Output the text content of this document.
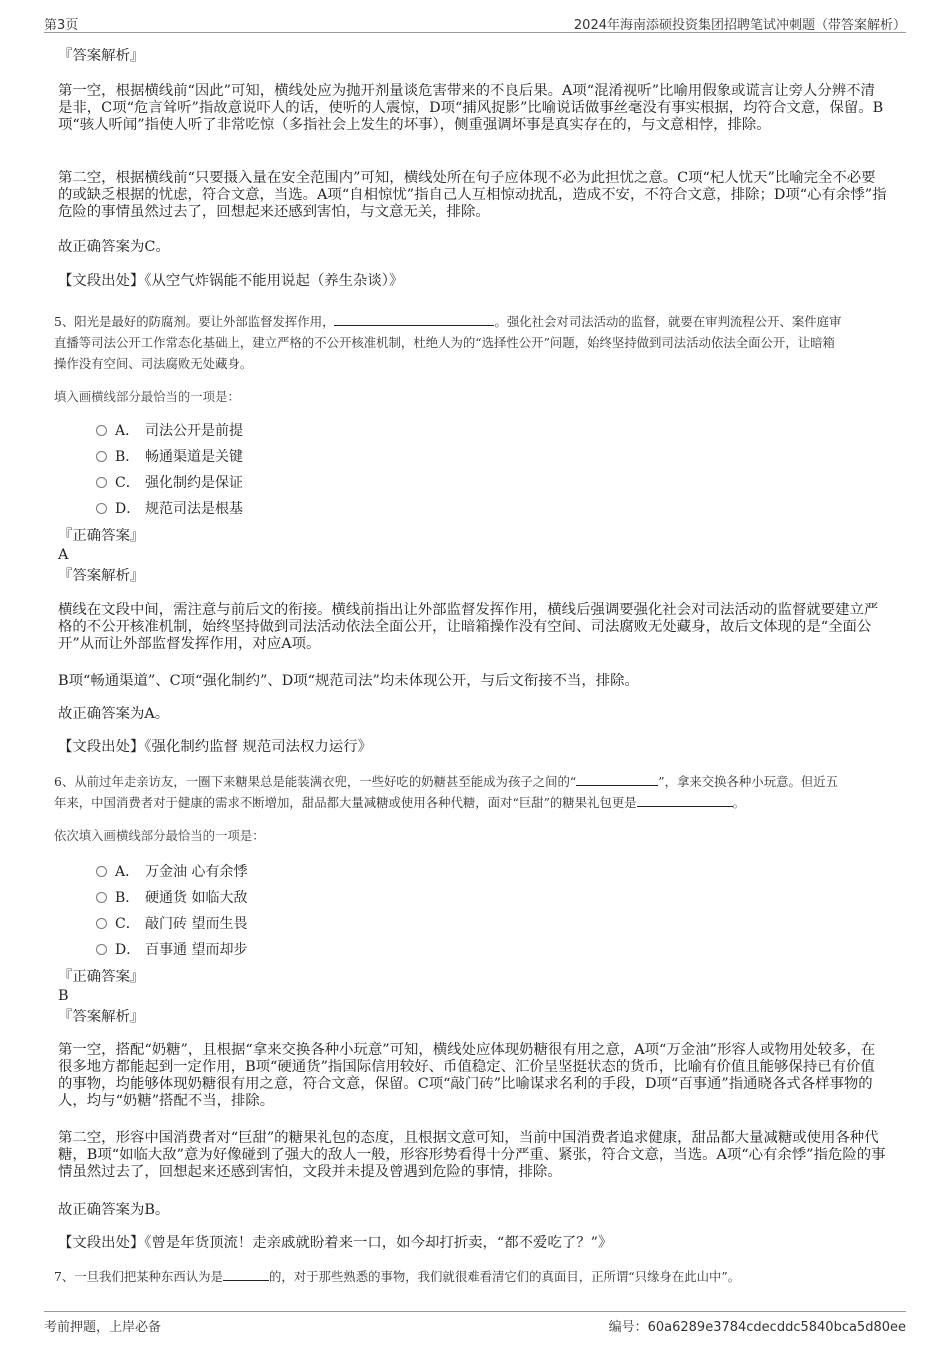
第3页	2024年海南添硕投资集团招聘笔试冲刺题（带答案解析）
『答案解析』
第一空，根据横线前“因此”可知，横线处应为抛开剂量谈危害带来的不良后果。A项“混淆视听”比喻用假象或谎言让旁人分辨不清是非，C项“危言耸听”指故意说吓人的话，使听的人震惊，D项“捕风捉影”比喻说话做事丝毫没有事实根据，均符合文意，保留。B项“骇人听闻”指使人听了非常吃惊（多指社会上发生的坏事），侧重强调坏事是真实存在的，与文意相悖，排除。
第二空，根据横线前“只要摄入量在安全范围内”可知，横线处所在句子应体现不必为此担忧之意。C项“杞人忧天”比喻完全不必要的或缺乏根据的忧虑，符合文意，当选。A项“自相惊忧”指自己人互相惊动扰乱，造成不安，不符合文意，排除；D项“心有余悸”指危险的事情虽然过去了，回想起来还感到害怕，与文意无关，排除。
故正确答案为C。
【文段出处】《从空气炸锅能不能用说起（养生杂谈）》
5、阳光是最好的防腐剂。要让外部监督发挥作用，	。强化社会对司法活动的监督，就要在审判流程公开、案件庭审
直播等司法公开工作常态化基础上，建立严格的不公开核准机制，杜绝人为的“选择性公开”问题，始终坚持做到司法活动依法全面公开，让暗箱
操作没有空间、司法腐败无处藏身。
填入画横线部分最恰当的一项是：
A． 司法公开是前提
B． 畅通渠道是关键
C． 强化制约是保证
D． 规范司法是根基
『正确答案』
A
『答案解析』
横线在文段中间，需注意与前后文的衔接。横线前指出让外部监督发挥作用，横线后强调要强化社会对司法活动的监督就要建立严格的不公开核准机制，始终坚持做到司法活动依法全面公开，让暗箱操作没有空间、司法腐败无处藏身，故后文体现的是“全面公开”从而让外部监督发挥作用，对应A项。
B项“畅通渠道”、C项“强化制约”、D项“规范司法”均未体现公开，与后文衔接不当，排除。
故正确答案为A。
【文段出处】《强化制约监督 规范司法权力运行》
6、从前过年走亲访友，一圈下来糖果总是能装满衣兜，一些好吃的奶糖甚至能成为孩子之间的“	”，拿来交换各种小玩意。但近五
年来，中国消费者对于健康的需求不断增加，甜品都大量减糖或使用各种代糖，面对“巨甜”的糖果礼包更是	。
依次填入画横线部分最恰当的一项是：
A． 万金油 心有余悸
B． 硬通货 如临大敌
C． 敲门砖 望而生畏
D． 百事通 望而却步
『正确答案』
B
『答案解析』
第一空，搭配“奶糖”，且根据“拿来交换各种小玩意”可知，横线处应体现奶糖很有用之意，A项“万金油”形容人或物用处较多，在很多地方都能起到一定作用，B项“硬通货”指国际信用较好、币值稳定、汇价呈坚挺状态的货币，比喻有价值且能够保持已有价值的事物，均能够体现奶糖很有用之意，符合文意，保留。C项“敲门砖”比喻谋求名利的手段，D项“百事通”指通晓各式各样事物的人，均与“奶糖”搭配不当，排除。
第二空，形容中国消费者对“巨甜”的糖果礼包的态度，且根据文意可知，当前中国消费者追求健康，甜品都大量减糖或使用各种代糖，B项“如临大敌”意为好像碰到了强大的敌人一般，形容形势看得十分严重、紧张，符合文意，当选。A项“心有余悸”指危险的事情虽然过去了，回想起来还感到害怕，文段并未提及曾遇到危险的事情，排除。
故正确答案为B。
【文段出处】《曾是年货顶流！走亲戚就盼着来一口，如今却打折卖，“都不爱吃了？”》
7、一旦我们把某种东西认为是	的，对于那些熟悉的事物，我们就很难看清它们的真面目，正所谓“只缘身在此山中”。
考前押题，上岸必备	编号：60a6289e3784cdecddc5840bca5d80ee
